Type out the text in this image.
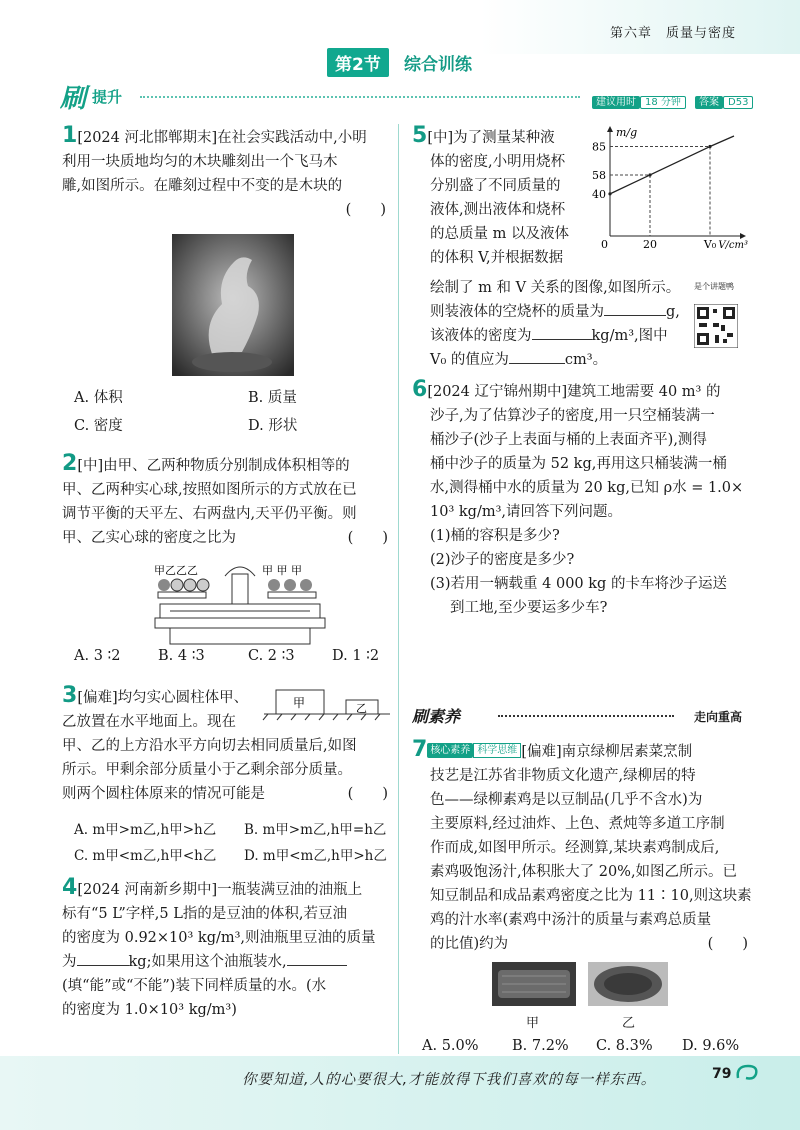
第六章　质量与密度
第2节	综合训练
刷 提升	建议用时 18 分钟 答案 D53
1[2024 河北邯郸期末]在社会实践活动中,小明
利用一块质地均匀的木块雕刻出一个飞马木
雕,如图所示。在雕刻过程中不变的是木块的
(　　)
A. 体积	B. 质量
C. 密度	D. 形状
2[中]由甲、乙两种物质分别制成体积相等的
甲、乙两种实心球,按照如图所示的方式放在已
调节平衡的天平左、右两盘内,天平仍平衡。则
甲、乙实心球的密度之比为	(　　)
甲乙乙乙	甲 甲 甲
A. 3 ∶2	B. 4 ∶3	C. 2 ∶3	D. 1 ∶2
3[偏难]均匀实心圆柱体甲、
乙放置在水平地面上。现在
甲、乙的上方沿水平方向切去相同质量后,如图
所示。甲剩余部分质量小于乙剩余部分质量。
则两个圆柱体原来的情况可能是	(　　)
甲	乙
A. m甲>m乙,h甲>h乙 B. m甲>m乙,h甲=h乙
C. m甲<m乙,h甲<h乙 D. m甲<m乙,h甲>h乙
4[2024 河南新乡期中]一瓶装满豆油的油瓶上
标有“5 L”字样,5 L指的是豆油的体积,若豆油
的密度为 0.92×10³ kg/m³,则油瓶里豆油的质量
为	kg;如果用这个油瓶装水,
(填“能”或“不能”)装下同样质量的水。(水
的密度为 1.0×10³ kg/m³)
5[中]为了测量某种液
体的密度,小明用烧杯
分别盛了不同质量的
液体,测出液体和烧杯
的总质量 m 以及液体
的体积 V,并根据数据
40
58
85
0	20	V₀
m/g
V/cm³
绘制了 m 和 V 关系的图像,如图所示。
则装液体的空烧杯的质量为	g,
该液体的密度为	kg/m³,图中
V₀ 的值应为	cm³。
是个讲题鸭
6[2024 辽宁锦州期中]建筑工地需要 40 m³ 的
沙子,为了估算沙子的密度,用一只空桶装满一
桶沙子(沙子上表面与桶的上表面齐平),测得
桶中沙子的质量为 52 kg,再用这只桶装满一桶
水,测得桶中水的质量为 20 kg,已知 ρ水 = 1.0×
10³ kg/m³,请回答下列问题。
(1)桶的容积是多少?
(2)沙子的密度是多少?
(3)若用一辆载重 4 000 kg 的卡车将沙子运送
到工地,至少要运多少车?
刷素养	走向重高
7 $^{核心素养}$ $^{科学思维}$ [偏难]南京绿柳居素菜烹制
技艺是江苏省非物质文化遗产,绿柳居的特
色——绿柳素鸡是以豆制品(几乎不含水)为
主要原料,经过油炸、上色、煮炖等多道工序制
作而成,如图甲所示。经测算,某块素鸡制成后,
素鸡吸饱汤汁,体积胀大了 20%,如图乙所示。已
知豆制品和成品素鸡密度之比为 11∶10,则这块素
鸡的汁水率(素鸡中汤汁的质量与素鸡总质量
的比值)约为	(　　)
甲	乙
A. 5.0% B. 7.2% C. 8.3% D. 9.6%
你要知道,人的心要很大,才能放得下我们喜欢的每一样东西。	79
